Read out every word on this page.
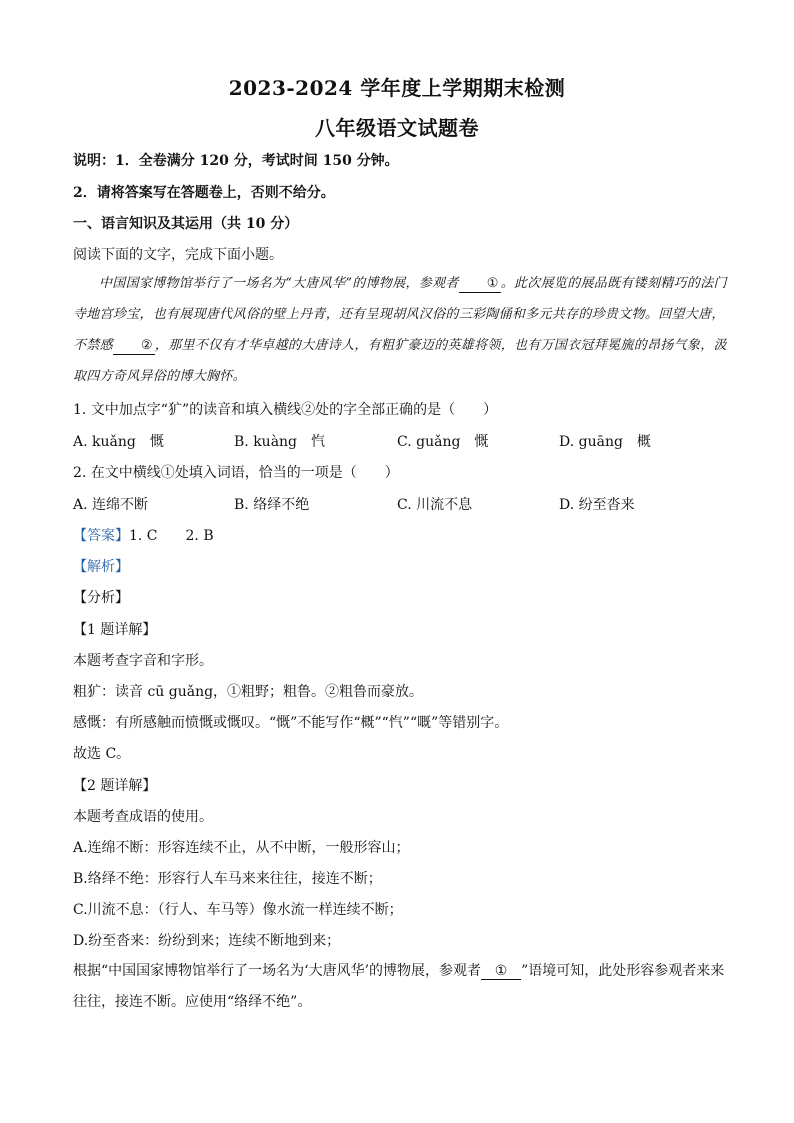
2023-2024 学年度上学期期末检测
八年级语文试题卷
说明：1．全卷满分 120 分，考试时间 150 分钟。
2．请将答案写在答题卷上，否则不给分。
一、语言知识及其运用（共 10 分）
阅读下面的文字，完成下面小题。
中国国家博物馆举行了一场名为“大唐风华”的博物展，参观者 ① 。此次展览的展品既有镂刻精巧的法门寺地宫珍宝，也有展现唐代风俗的壁上丹青，还有呈现胡风汉俗的三彩陶俑和多元共存的珍贵文物。回望大唐，不禁感 ② ，那里不仅有才华卓越的大唐诗人，有粗犷豪迈的英雄将领，也有万国衣冠拜冕旒的昂扬气象，汲取四方奇风异俗的博大胸怀。
1. 文中加点字“犷”的读音和填入横线②处的字全部正确的是（　　）
A. kuǎng　慨	B. kuàng　忾	C. guǎng　慨	D. guāng　概
2. 在文中横线①处填入词语，恰当的一项是（　　）
A. 连绵不断	B. 络绎不绝	C. 川流不息	D. 纷至沓来
【答案】1. C　　2. B
【解析】
【分析】
【1 题详解】
本题考查字音和字形。
粗犷：读音 cū guǎng，①粗野；粗鲁。②粗鲁而豪放。
感慨：有所感触而愤慨或慨叹。“慨”不能写作“概”“忾”“嘅”等错别字。
故选 C。
【2 题详解】
本题考查成语的使用。
A.连绵不断：形容连续不止，从不中断，一般形容山；
B.络绎不绝：形容行人车马来来往往，接连不断；
C.川流不息：（行人、车马等）像水流一样连续不断；
D.纷至沓来：纷纷到来；连续不断地到来；
根据“中国国家博物馆举行了一场名为‘大唐风华’的博物展，参观者 ① ”语境可知，此处形容参观者来来往往，接连不断。应使用“络绎不绝”。
